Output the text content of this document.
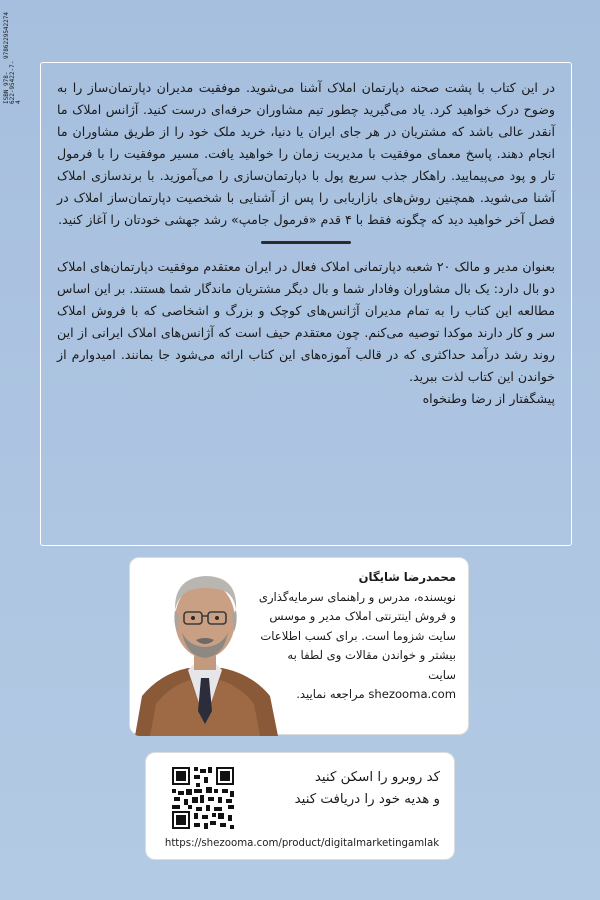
9786229542274
ISBN 978-622-95422-7-4

در این کتاب با پشت صحنه دپارتمان املاک آشنا می‌شوید. موفقیت مدیران دپارتمان‌ساز را به وضوح درک خواهید کرد. یاد می‌گیرید چطور تیم مشاوران حرفه‌ای درست کنید. آژانس املاک ما آنقدر عالی باشد که مشتریان در هر جای ایران یا دنیا، خرید ملک خود را از طریق مشاوران ما انجام دهند. پاسخ معمای موفقیت با مدیریت زمان را خواهید یافت. مسیر موفقیت را با فرمول تار و پود می‌پیمایید. راهکار جذب سریع پول با دپارتمان‌سازی را می‌آموزید. با برندسازی املاک آشنا می‌شوید. همچنین روش‌های بازاریابی را پس از آشنایی با شخصیت دپارتمان‌ساز املاک در فصل آخر خواهید دید که چگونه فقط با ۴ قدم «فرمول جامپ» رشد جهشی خودتان را آغاز کنید.

بعنوان مدیر و مالک ۲۰ شعبه دپارتمانی املاک فعال در ایران معتقدم موفقیت دپارتمان‌های املاک دو بال دارد: یک بال مشاوران وفادار شما و بال دیگر مشتریان ماندگار شما هستند. بر این اساس مطالعه این کتاب را به تمام مدیران آژانس‌های کوچک و بزرگ و اشخاصی که با فروش املاک سر و کار دارند موکدا توصیه می‌کنم. چون معتقدم حیف است که آژانس‌های املاک ایرانی از این روند رشد درآمد حداکثری که در قالب آموزه‌های این کتاب ارائه می‌شود جا بمانند. امیدوارم از خواندن این کتاب لذت ببرید.

پیشگفتار از رضا وطنخواه

محمدرضا شایگان
نویسنده، مدرس و راهنمای سرمایه‌گذاری و فروش اینترنتی املاک مدیر و موسس سایت شزوما است. برای کسب اطلاعات بیشتر و خواندن مقالات وی لطفا به سایت
shezooma.com مراجعه نمایید.
کد روبرو را اسکن کنید
و هدیه خود را دریافت کنید
https://shezooma.com/product/digitalmarketingamlak
